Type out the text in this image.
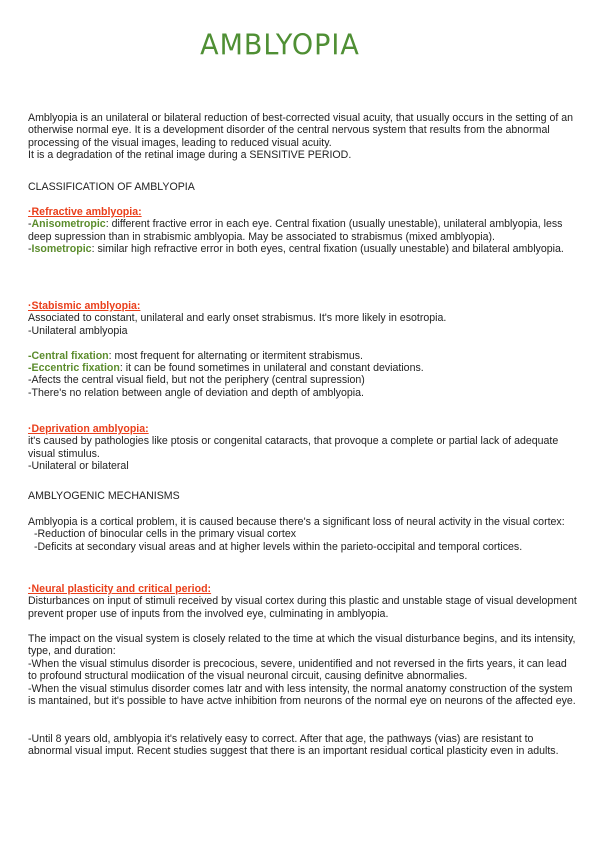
AMBLYOPIA

Amblyopia is an unilateral or bilateral reduction of best-corrected visual acuity, that usually occurs in the setting of an otherwise normal eye. It is a development disorder of the central nervous system that results from the abnormal processing of the visual images, leading to reduced visual acuity.

It is a degradation of the retinal image during a SENSITIVE PERIOD.

CLASSIFICATION OF AMBLYOPIA

·Refractive amblyopia:

-Anisometropic: different fractive error in each eye. Central fixation (usually unestable), unilateral amblyopia, less deep supression than in strabismic amblyopia. May be associated to strabismus (mixed amblyopia).

-Isometropic: similar high refractive error in both eyes, central fixation (usually unestable) and bilateral amblyopia.

·Stabismic amblyopia:

Associated to constant, unilateral and early onset strabismus. It's more likely in esotropia.

-Unilateral amblyopia

-Central fixation: most frequent for alternating or itermitent strabismus.

-Eccentric fixation: it can be found sometimes in unilateral and constant deviations.

-Afects the central visual field, but not the periphery (central supression)

-There's no relation between angle of deviation and depth of amblyopia.

·Deprivation amblyopia:

it's caused by pathologies like ptosis or congenital cataracts, that provoque a complete or partial lack of adequate visual stimulus.

-Unilateral or bilateral

AMBLYOGENIC MECHANISMS

Amblyopia is a cortical problem, it is caused because there's a significant loss of neural activity in the visual cortex:

-Reduction of binocular cells in the primary visual cortex

-Deficits at secondary visual areas and at higher levels within the parieto-occipital and temporal cortices.

·Neural plasticity and critical period:

Disturbances on input of stimuli received by visual cortex during this plastic and unstable stage of visual development prevent proper use of inputs from the involved eye, culminating in amblyopia.

The impact on the visual system is closely related to the time at which the visual disturbance begins, and its intensity, type, and duration:

-When the visual stimulus disorder is precocious, severe, unidentified and not reversed in the firts years, it can lead to profound structural modiication of the visual neuronal circuit, causing definitve abnormalies.

-When the visual stimulus disorder comes latr and with less intensity, the normal anatomy construction of the system is mantained, but it's possible to have actve inhibition from neurons of the normal eye on neurons of the affected eye.

-Until 8 years old, amblyopia it's relatively easy to correct. After that age, the pathways (vias) are resistant to abnormal visual imput. Recent studies suggest that there is an important residual cortical plasticity even in adults.
